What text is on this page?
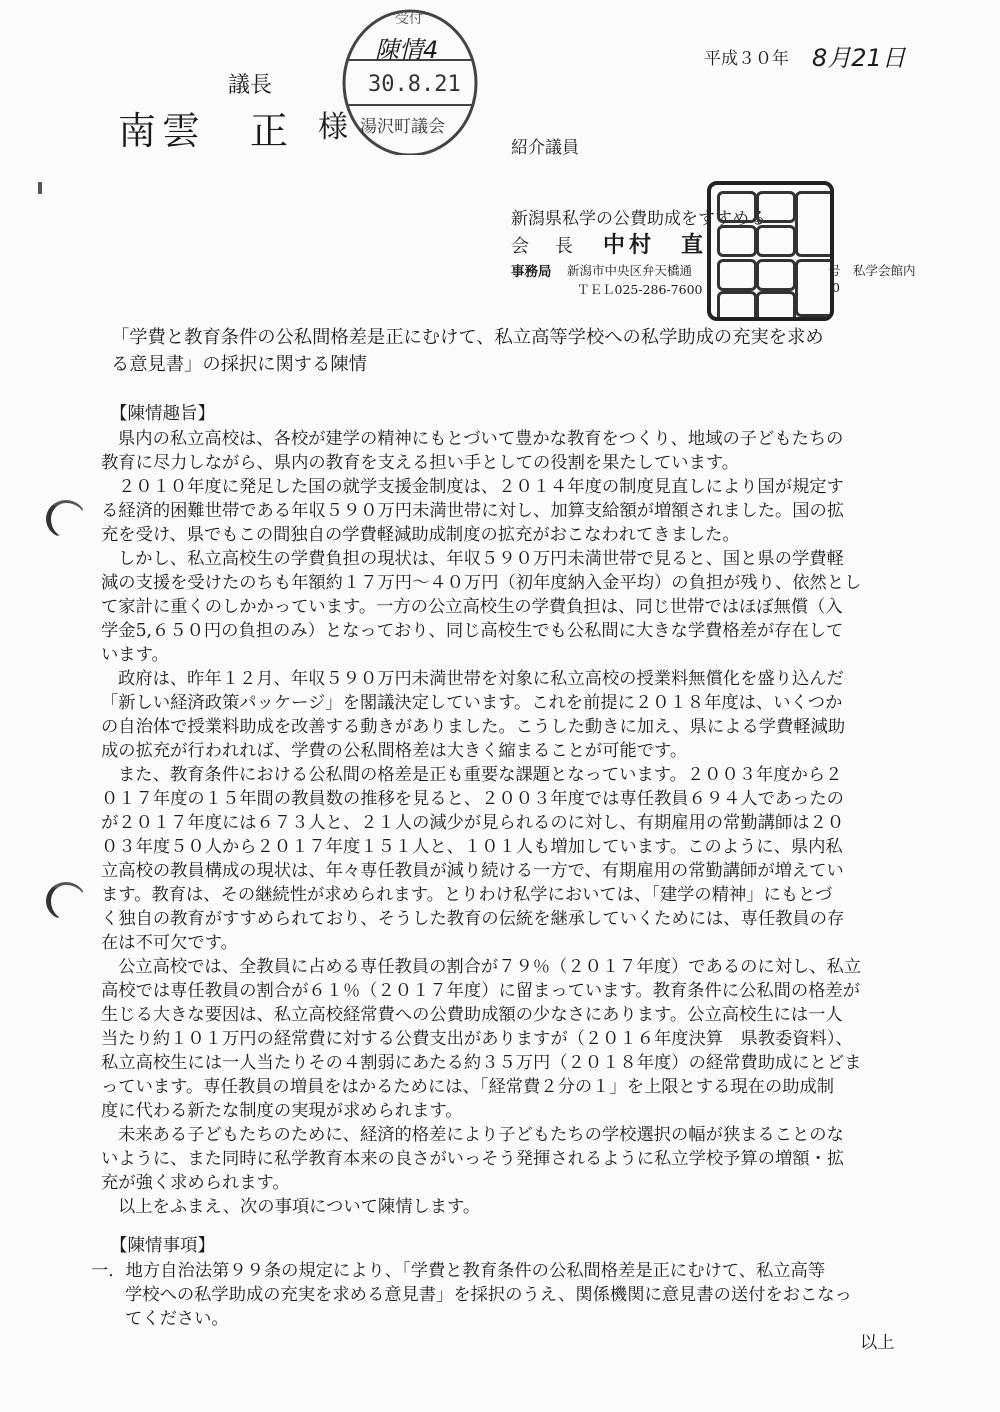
平成３０年 8月21日
議長
南雲　正 様
受付
陳情4
30.8.21
湯沢町議会
紹介議員
新潟県私学の公費助成をすすめる
会　長 中村　直
事務局 新潟市中央区弁天橋通	号　私学会館内
ＴＥＬ025-286-7600	0
「学費と教育条件の公私間格差是正にむけて、私立高等学校への私学助成の充実を求め
る意見書」の採択に関する陳情
【陳情趣旨】
県内の私立高校は、各校が建学の精神にもとづいて豊かな教育をつくり、地域の子どもたちの
教育に尽力しながら、県内の教育を支える担い手としての役割を果たしています。
２０１０年度に発足した国の就学支援金制度は、２０１４年度の制度見直しにより国が規定す
る経済的困難世帯である年収５９０万円未満世帯に対し、加算支給額が増額されました。国の拡
充を受け、県でもこの間独自の学費軽減助成制度の拡充がおこなわれてきました。
しかし、私立高校生の学費負担の現状は、年収５９０万円未満世帯で見ると、国と県の学費軽
減の支援を受けたのちも年額約１７万円～４０万円（初年度納入金平均）の負担が残り、依然とし
て家計に重くのしかかっています。一方の公立高校生の学費負担は、同じ世帯ではほぼ無償（入
学金5,６５０円の負担のみ）となっており、同じ高校生でも公私間に大きな学費格差が存在して
います。
政府は、昨年１２月、年収５９０万円未満世帯を対象に私立高校の授業料無償化を盛り込んだ
「新しい経済政策パッケージ」を閣議決定しています。これを前提に２０１８年度は、いくつか
の自治体で授業料助成を改善する動きがありました。こうした動きに加え、県による学費軽減助
成の拡充が行われれば、学費の公私間格差は大きく縮まることが可能です。
また、教育条件における公私間の格差是正も重要な課題となっています。２００３年度から２
０１７年度の１５年間の教員数の推移を見ると、２００３年度では専任教員６９４人であったの
が２０１７年度には６７３人と、２１人の減少が見られるのに対し、有期雇用の常勤講師は２０
０３年度５０人から２０１７年度１５１人と、１０１人も増加しています。このように、県内私
立高校の教員構成の現状は、年々専任教員が減り続ける一方で、有期雇用の常勤講師が増えてい
ます。教育は、その継続性が求められます。とりわけ私学においては、「建学の精神」にもとづ
く独自の教育がすすめられており、そうした教育の伝統を継承していくためには、専任教員の存
在は不可欠です。
公立高校では、全教員に占める専任教員の割合が７９％（２０１７年度）であるのに対し、私立
高校では専任教員の割合が６１％（２０１７年度）に留まっています。教育条件に公私間の格差が
生じる大きな要因は、私立高校経常費への公費助成額の少なさにあります。公立高校生には一人
当たり約１０１万円の経常費に対する公費支出がありますが（２０１６年度決算　県教委資料）、
私立高校生には一人当たりその４割弱にあたる約３５万円（２０１８年度）の経常費助成にとどま
っています。専任教員の増員をはかるためには、「経常費２分の１」を上限とする現在の助成制
度に代わる新たな制度の実現が求められます。
未来ある子どもたちのために、経済的格差により子どもたちの学校選択の幅が狭まることのな
いように、また同時に私学教育本来の良さがいっそう発揮されるように私立学校予算の増額・拡
充が強く求められます。
以上をふまえ、次の事項について陳情します。
【陳情事項】
一．地方自治法第９９条の規定により、「学費と教育条件の公私間格差是正にむけて、私立高等
学校への私学助成の充実を求める意見書」を採択のうえ、関係機関に意見書の送付をおこなっ
てください。
以上
